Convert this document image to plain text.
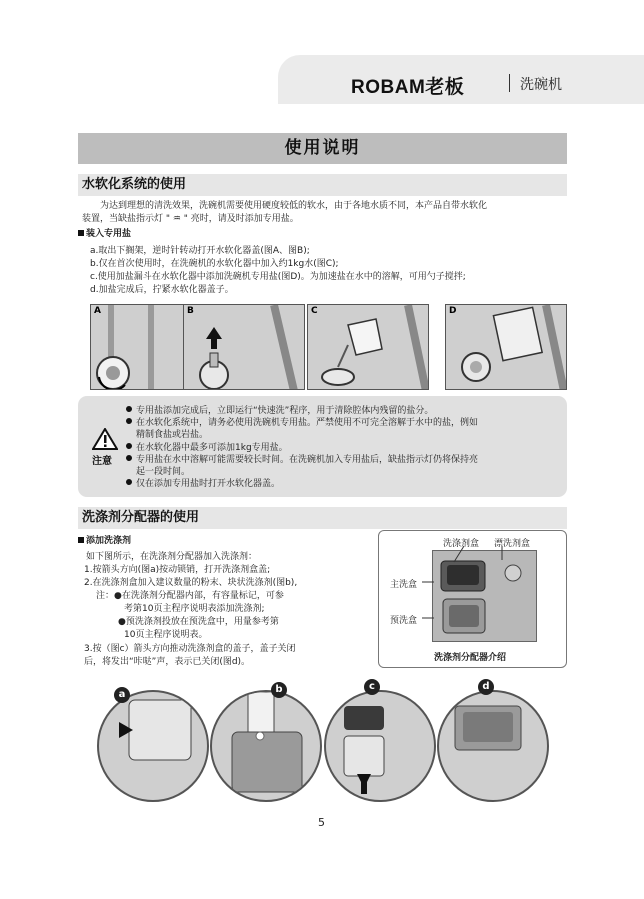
ROBAM老板	洗碗机
使用说明
水软化系统的使用
为达到理想的清洗效果，洗碗机需要使用硬度较低的软水，由于各地水质不同，本产品自带水软化
装置，当缺盐指示灯 " ♒ " 亮时，请及时添加专用盐。
装入专用盐
a.取出下搁架，逆时针转动打开水软化器盖(图A、图B);
b.仅在首次使用时，在洗碗机的水软化器中加入约1kg水(图C);
c.使用加盐漏斗在水软化器中添加洗碗机专用盐(图D)。为加速盐在水中的溶解，可用勺子搅拌;
d.加盐完成后，拧紧水软化器盖子。
A	B	C	D
注意
专用盐添加完成后，立即运行“快速洗”程序，用于清除腔体内残留的盐分。
在水软化系统中，请务必使用洗碗机专用盐。严禁使用不可完全溶解于水中的盐，例如
精制食盐或岩盐。
在水软化器中最多可添加1kg专用盐。
专用盐在水中溶解可能需要较长时间。在洗碗机加入专用盐后，缺盐指示灯仍将保持亮
起一段时间。
仅在添加专用盐时打开水软化器盖。
洗涤剂分配器的使用
添加洗涤剂
如下图所示，在洗涤剂分配器加入洗涤剂：
1.按箭头方向(图a)按动锁销，打开洗涤剂盒盖;
2.在洗涤剂盒加入建议数量的粉末、块状洗涤剂(图b),
注：●在洗涤剂分配器内部，有容量标记，可参
考第10页主程序说明表添加洗涤剂;
●预洗涤剂投放在预洗盒中，用量参考第
10页主程序说明表。
3.按（图c）箭头方向推动洗涤剂盒的盖子，盖子关闭
后，将发出“咔哒”声，表示已关闭(图d)。
洗涤剂盒 漂洗剂盒
主洗盒
预洗盒
洗涤剂分配器介绍
a	b	c	d
5
